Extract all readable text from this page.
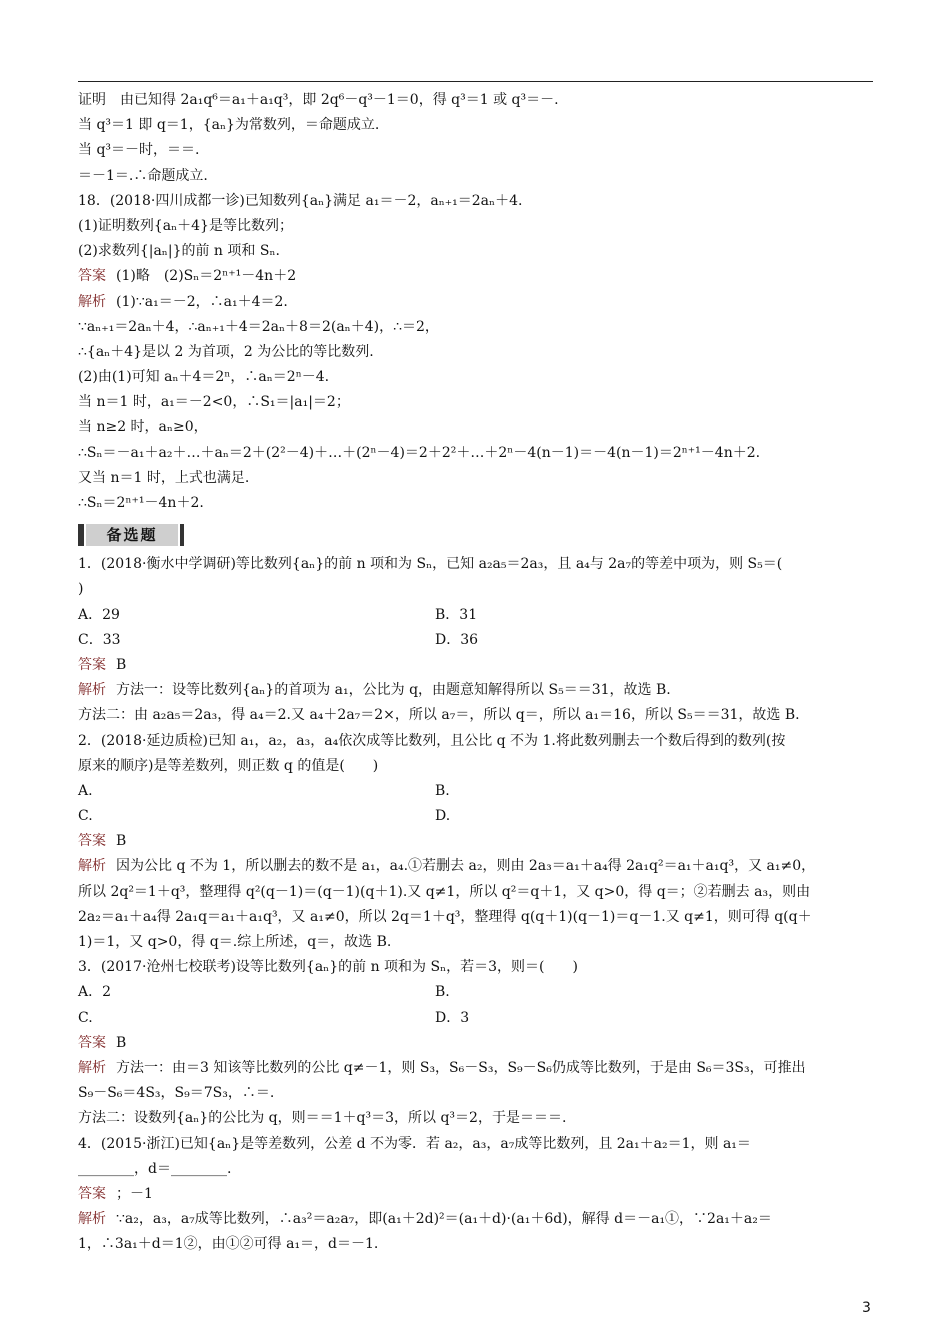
证明　由已知得 2a₁q⁶＝a₁＋a₁q³，即 2q⁶－q³－1＝0，得 q³＝1 或 q³＝－.
当 q³＝1 即 q＝1，{aₙ}为常数列，＝命题成立.
当 q³＝－时，＝＝.
＝－1＝.∴命题成立.
18．(2018·四川成都一诊)已知数列{aₙ}满足 a₁＝－2，aₙ₊₁＝2aₙ＋4.
(1)证明数列{aₙ＋4}是等比数列；
(2)求数列{|aₙ|}的前 n 项和 Sₙ.
答案 (1)略　(2)Sₙ＝2ⁿ⁺¹－4n＋2
解析 (1)∵a₁＝－2，∴a₁＋4＝2.
∵aₙ₊₁＝2aₙ＋4，∴aₙ₊₁＋4＝2aₙ＋8＝2(aₙ＋4)，∴＝2，
∴{aₙ＋4}是以 2 为首项，2 为公比的等比数列.
(2)由(1)可知 aₙ＋4＝2ⁿ，∴aₙ＝2ⁿ－4.
当 n＝1 时，a₁＝－2<0，∴S₁＝|a₁|＝2；
当 n≥2 时，aₙ≥0，
∴Sₙ＝－a₁＋a₂＋…＋aₙ＝2＋(2²－4)＋…＋(2ⁿ－4)＝2＋2²＋…＋2ⁿ－4(n－1)＝－4(n－1)＝2ⁿ⁺¹－4n＋2.
又当 n＝1 时，上式也满足.
∴Sₙ＝2ⁿ⁺¹－4n＋2.
备选题
1．(2018·衡水中学调研)等比数列{aₙ}的前 n 项和为 Sₙ，已知 a₂a₅＝2a₃，且 a₄与 2a₇的等差中项为，则 S₅＝(
)
A．29	B．31
C．33	D．36
答案 B
解析 方法一：设等比数列{aₙ}的首项为 a₁，公比为 q，由题意知解得所以 S₅＝＝31，故选 B.
方法二：由 a₂a₅＝2a₃，得 a₄＝2.又 a₄＋2a₇＝2×，所以 a₇＝，所以 q＝，所以 a₁＝16，所以 S₅＝＝31，故选 B.
2．(2018·延边质检)已知 a₁，a₂，a₃，a₄依次成等比数列，且公比 q 不为 1.将此数列删去一个数后得到的数列(按
原来的顺序)是等差数列，则正数 q 的值是(　　)
A.	B.
C.	D.
答案 B
解析 因为公比 q 不为 1，所以删去的数不是 a₁，a₄.①若删去 a₂，则由 2a₃＝a₁＋a₄得 2a₁q²＝a₁＋a₁q³，又 a₁≠0，
所以 2q²＝1＋q³，整理得 q²(q－1)＝(q－1)(q＋1).又 q≠1，所以 q²＝q＋1，又 q>0，得 q＝；②若删去 a₃，则由
2a₂＝a₁＋a₄得 2a₁q＝a₁＋a₁q³，又 a₁≠0，所以 2q＝1＋q³，整理得 q(q＋1)(q－1)＝q－1.又 q≠1，则可得 q(q＋
1)＝1，又 q>0，得 q＝.综上所述，q＝，故选 B.
3．(2017·沧州七校联考)设等比数列{aₙ}的前 n 项和为 Sₙ，若＝3，则＝(　　)
A．2	B.
C.	D．3
答案 B
解析 方法一：由＝3 知该等比数列的公比 q≠－1，则 S₃，S₆－S₃，S₉－S₆仍成等比数列，于是由 S₆＝3S₃，可推出
S₉－S₆＝4S₃，S₉＝7S₃，∴＝.
方法二：设数列{aₙ}的公比为 q，则＝＝1＋q³＝3，所以 q³＝2，于是＝＝＝.
4．(2015·浙江)已知{aₙ}是等差数列，公差 d 不为零．若 a₂，a₃，a₇成等比数列，且 2a₁＋a₂＝1，则 a₁＝
________，d＝________.
答案 ；－1
解析 ∵a₂，a₃，a₇成等比数列，∴a₃²＝a₂a₇，即(a₁＋2d)²＝(a₁＋d)·(a₁＋6d)，解得 d＝－a₁①，∵2a₁＋a₂＝
1，∴3a₁＋d＝1②，由①②可得 a₁＝，d＝－1.
3
